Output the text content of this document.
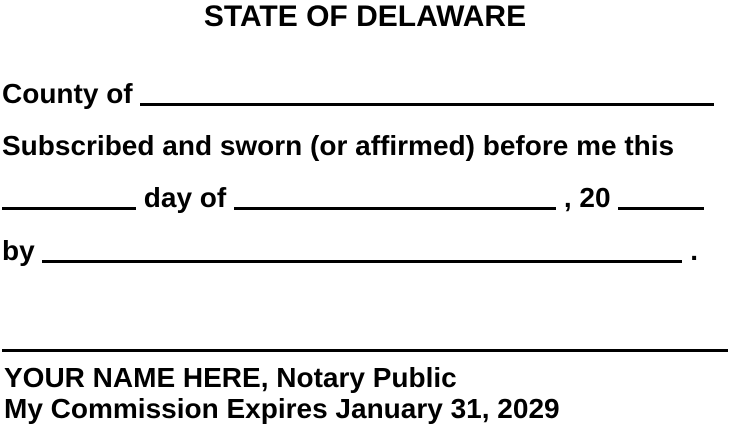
STATE OF DELAWARE
County of
Subscribed and sworn (or affirmed) before me this
day of	, 20
by	.
YOUR NAME HERE, Notary Public
My Commission Expires January 31, 2029
